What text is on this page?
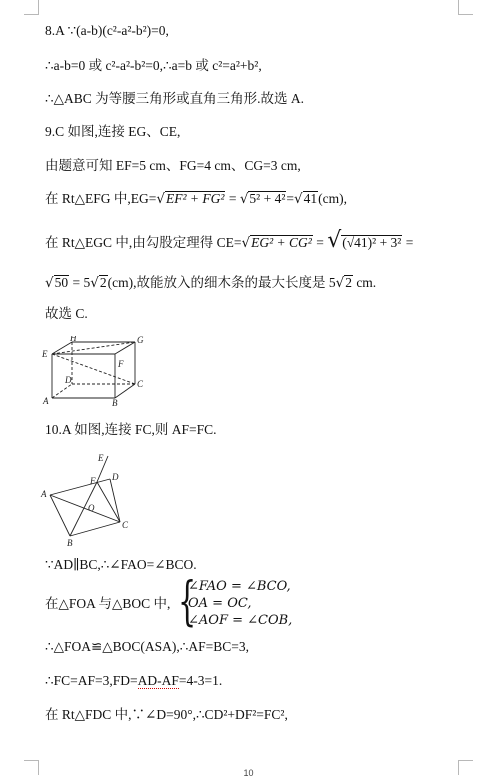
8.A ∵(a-b)(c²-a²-b²)=0,
∴a-b=0 或 c²-a²-b²=0,∴a=b 或 c²=a²+b²,
∴△ABC 为等腰三角形或直角三角形.故选 A.
9.C 如图,连接 EG、CE,
由题意可知 EF=5 cm、FG=4 cm、CG=3 cm,
在 Rt△EFG 中,EG=√EF² + FG² = √5² + 4²=√41(cm),
在 Rt△EGC 中,由勾股定理得 CE=√EG² + CG² = √(√41)² + 3² =
√50 = 5√2(cm),故能放入的细木条的最大长度是 5√2 cm.
故选 C.
H	G
E
F
D	C
A	B
10.A 如图,连接 FC,则 AF=FC.
E
F D
A
O
B
C
∵AD∥BC,∴∠FAO=∠BCO.
在△FOA 与△BOC 中, {
∠FAO = ∠BCO,
OA = OC,
∠AOF = ∠COB,
∴△FOA≌△BOC(ASA),∴AF=BC=3,
∴FC=AF=3,FD=AD-AF=4-3=1.
在 Rt△FDC 中,∵∠D=90°,∴CD²+DF²=FC²,
10
